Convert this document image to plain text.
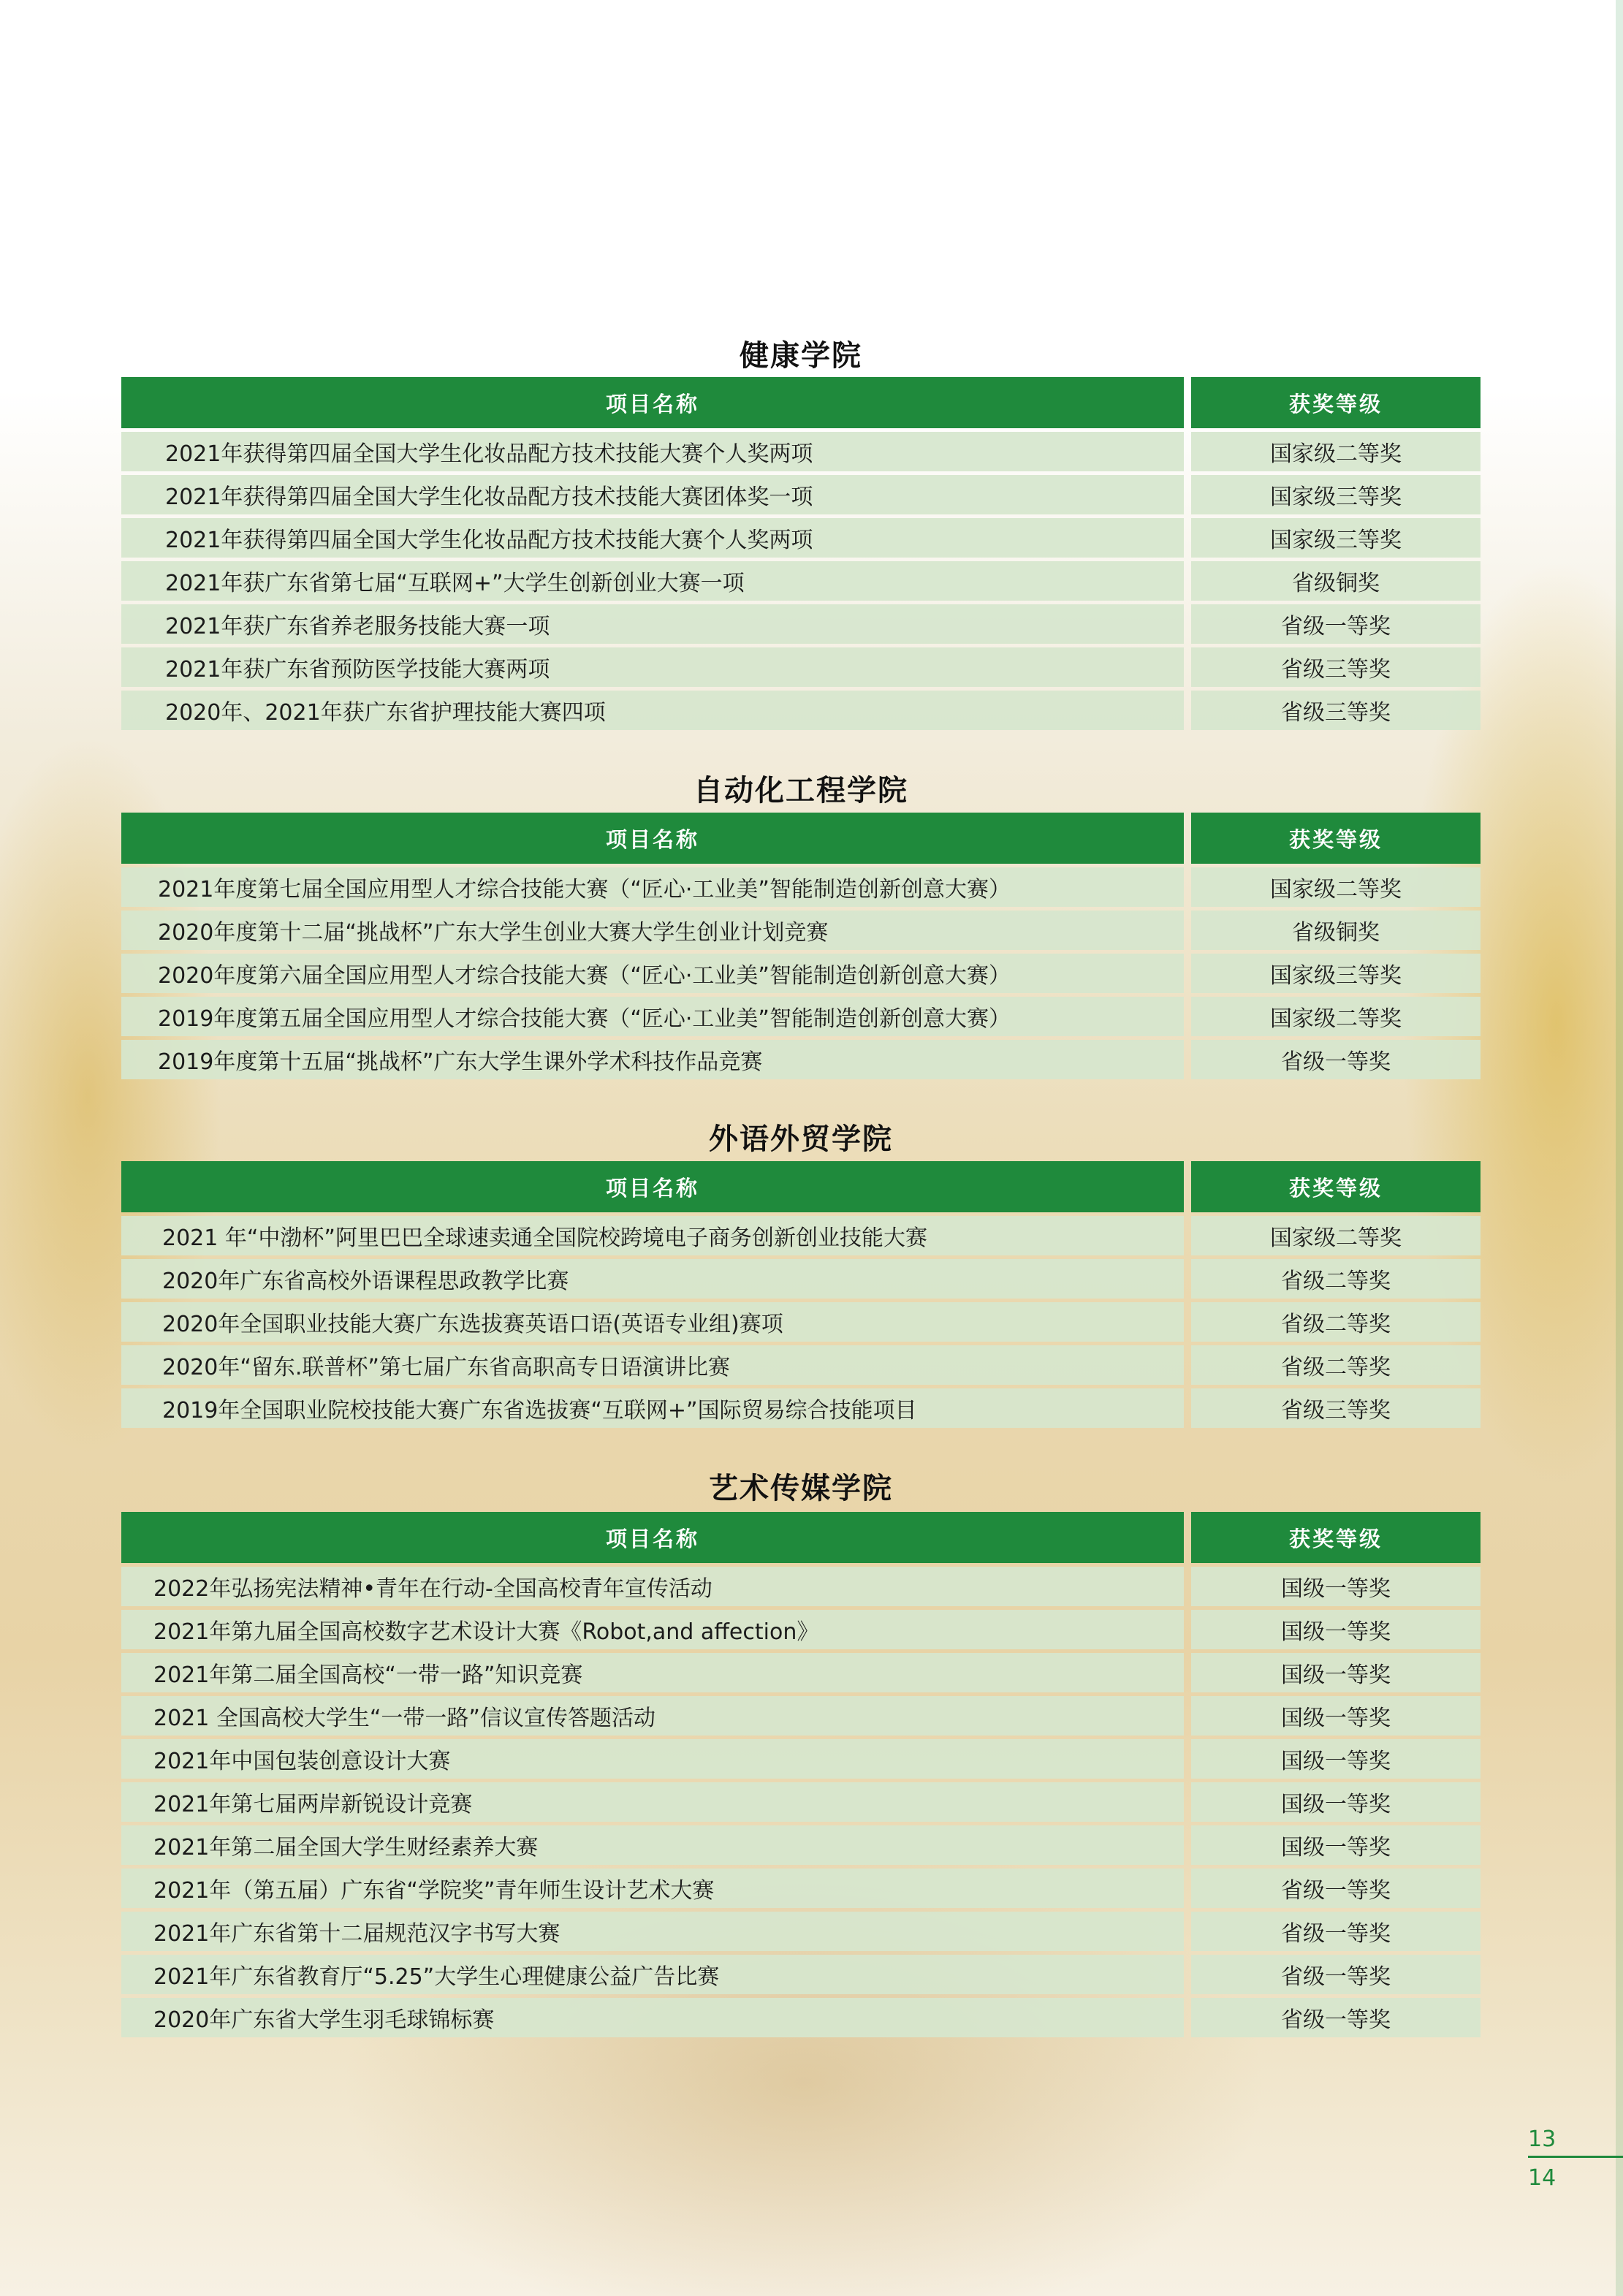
健康学院
项目名称	获奖等级
2021年获得第四届全国大学生化妆品配方技术技能大赛个人奖两项	国家级二等奖
2021年获得第四届全国大学生化妆品配方技术技能大赛团体奖一项	国家级三等奖
2021年获得第四届全国大学生化妆品配方技术技能大赛个人奖两项	国家级三等奖
2021年获广东省第七届“互联网+”大学生创新创业大赛一项	省级铜奖
2021年获广东省养老服务技能大赛一项	省级一等奖
2021年获广东省预防医学技能大赛两项	省级三等奖
2020年、2021年获广东省护理技能大赛四项	省级三等奖
自动化工程学院
项目名称	获奖等级
2021年度第七届全国应用型人才综合技能大赛（“匠心·工业美”智能制造创新创意大赛）	国家级二等奖
2020年度第十二届“挑战杯”广东大学生创业大赛大学生创业计划竞赛	省级铜奖
2020年度第六届全国应用型人才综合技能大赛（“匠心·工业美”智能制造创新创意大赛）	国家级三等奖
2019年度第五届全国应用型人才综合技能大赛（“匠心·工业美”智能制造创新创意大赛）	国家级二等奖
2019年度第十五届“挑战杯”广东大学生课外学术科技作品竞赛	省级一等奖
外语外贸学院
项目名称	获奖等级
2021 年“中渤杯”阿里巴巴全球速卖通全国院校跨境电子商务创新创业技能大赛	国家级二等奖
2020年广东省高校外语课程思政教学比赛	省级二等奖
2020年全国职业技能大赛广东选拔赛英语口语(英语专业组)赛项	省级二等奖
2020年“留东.联普杯”第七届广东省高职高专日语演讲比赛	省级二等奖
2019年全国职业院校技能大赛广东省选拔赛“互联网+”国际贸易综合技能项目	省级三等奖
艺术传媒学院
项目名称	获奖等级
2022年弘扬宪法精神•青年在行动-全国高校青年宣传活动	国级一等奖
2021年第九届全国高校数字艺术设计大赛《Robot,and affection》	国级一等奖
2021年第二届全国高校“一带一路”知识竞赛	国级一等奖
2021 全国高校大学生“一带一路”信议宣传答题活动	国级一等奖
2021年中国包装创意设计大赛	国级一等奖
2021年第七届两岸新锐设计竞赛	国级一等奖
2021年第二届全国大学生财经素养大赛	国级一等奖
2021年（第五届）广东省“学院奖”青年师生设计艺术大赛	省级一等奖
2021年广东省第十二届规范汉字书写大赛	省级一等奖
2021年广东省教育厅“5.25”大学生心理健康公益广告比赛	省级一等奖
2020年广东省大学生羽毛球锦标赛	省级一等奖
13
14
